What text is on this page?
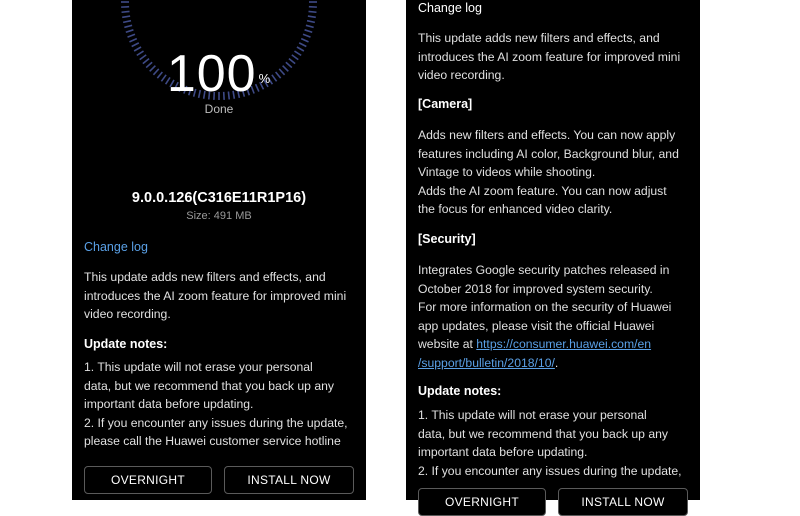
100 %
Done
9.0.0.126(C316E11R1P16)
Size: 491 MB
Change log

This update adds new filters and effects, and

introduces the AI zoom feature for improved mini

video recording.

Update notes:

1. This update will not erase your personal

data, but we recommend that you back up any

important data before updating.

2. If you encounter any issues during the update,

please call the Huawei customer service hotline

OVERNIGHT	INSTALL NOW
Change log

This update adds new filters and effects, and

introduces the AI zoom feature for improved mini

video recording.

[Camera]

Adds new filters and effects. You can now apply

features including AI color, Background blur, and

Vintage to videos while shooting.

Adds the AI zoom feature. You can now adjust

the focus for enhanced video clarity.

[Security]

Integrates Google security patches released in

October 2018 for improved system security.

For more information on the security of Huawei

app updates, please visit the official Huawei

website at https://consumer.huawei.com/en

/support/bulletin/2018/10/.

Update notes:

1. This update will not erase your personal

data, but we recommend that you back up any

important data before updating.

2. If you encounter any issues during the update,

OVERNIGHT	INSTALL NOW
